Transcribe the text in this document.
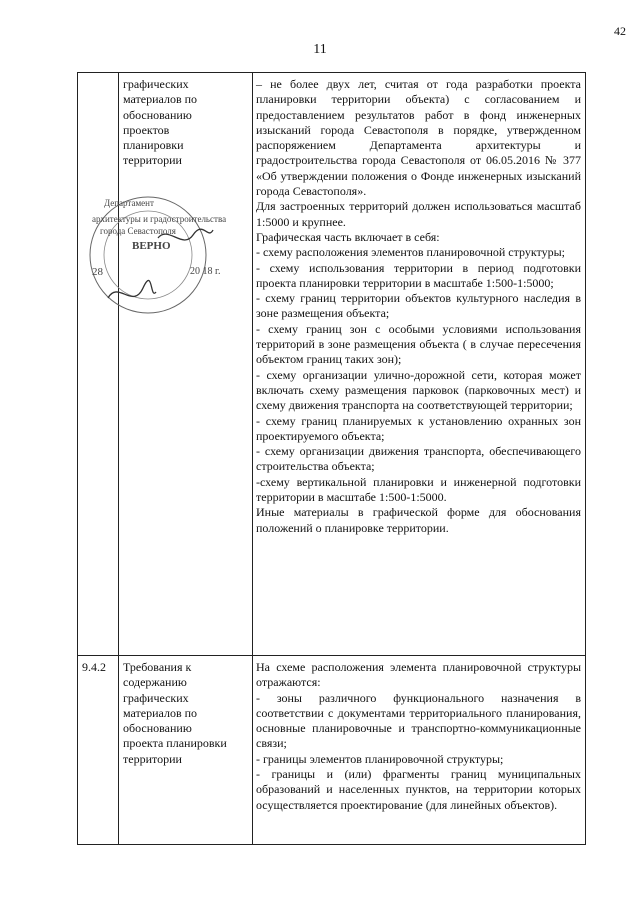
42
11
графических
материалов по
обоснованию
проектов
планировки
территории

– не более двух лет, считая от года разработки проекта планировки территории объекта) с согласованием и предоставлением результатов работ в фонд инженерных изысканий города Севастополя в порядке, утвержденном распоряжением Департамента архитектуры и градостроительства города Севастополя от 06.05.2016 № 377 «Об утверждении положения о Фонде инженерных изысканий города Севастополя».

Для застроенных территорий должен использоваться масштаб 1:5000 и крупнее.

Графическая часть включает в себя:

- схему расположения элементов планировочной структуры;

- схему использования территории в период подготовки проекта планировки территории в масштабе 1:500-1:5000;

- схему границ территории объектов культурного наследия в зоне размещения объекта;

- схему границ зон с особыми условиями использования территорий в зоне размещения объекта ( в случае пересечения объектом границ таких зон);

- схему организации улично-дорожной сети, которая может включать схему размещения парковок (парковочных мест) и схему движения транспорта на соответствующей территории;

- схему границ планируемых к установлению охранных зон проектируемого объекта;

- схему организации движения транспорта, обеспечивающего строительства объекта;

-схему вертикальной планировки и инженерной подготовки территории в масштабе 1:500-1:5000.

Иные материалы в графической форме для обоснования положений о планировке территории.

9.4.2	Требования к
содержанию
графических
материалов по
обоснованию
проекта планировки
территории

На схеме расположения элемента планировочной структуры отражаются:

- зоны различного функционального назначения в соответствии с документами территориального планирования, основные планировочные и транспортно-коммуникационные связи;

- границы элементов планировочной структуры;

- границы и (или) фрагменты границ муниципальных образований и населенных пунктов, на территории которых осуществляется проектирование (для линейных объектов).

Департамент
архитектуры и градостроительства
города Севастополя
ВЕРНО
28	20 18 г.
